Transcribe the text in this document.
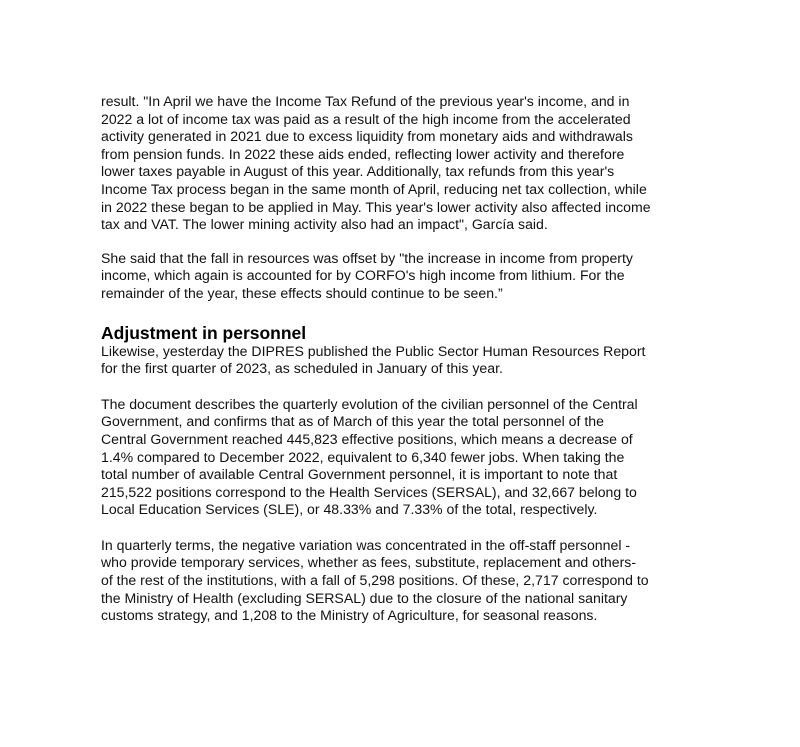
result. "In April we have the Income Tax Refund of the previous year's income, and in
2022 a lot of income tax was paid as a result of the high income from the accelerated
activity generated in 2021 due to excess liquidity from monetary aids and withdrawals
from pension funds. In 2022 these aids ended, reflecting lower activity and therefore
lower taxes payable in August of this year. Additionally, tax refunds from this year's
Income Tax process began in the same month of April, reducing net tax collection, while
in 2022 these began to be applied in May. This year's lower activity also affected income
tax and VAT. The lower mining activity also had an impact", García said.

She said that the fall in resources was offset by "the increase in income from property
income, which again is accounted for by CORFO's high income from lithium. For the
remainder of the year, these effects should continue to be seen.”

Adjustment in personnel

Likewise, yesterday the DIPRES published the Public Sector Human Resources Report
for the first quarter of 2023, as scheduled in January of this year.

The document describes the quarterly evolution of the civilian personnel of the Central
Government, and confirms that as of March of this year the total personnel of the
Central Government reached 445,823 effective positions, which means a decrease of
1.4% compared to December 2022, equivalent to 6,340 fewer jobs. When taking the
total number of available Central Government personnel, it is important to note that
215,522 positions correspond to the Health Services (SERSAL), and 32,667 belong to
Local Education Services (SLE), or 48.33% and 7.33% of the total, respectively.

In quarterly terms, the negative variation was concentrated in the off-staff personnel -
who provide temporary services, whether as fees, substitute, replacement and others-
of the rest of the institutions, with a fall of 5,298 positions. Of these, 2,717 correspond to
the Ministry of Health (excluding SERSAL) due to the closure of the national sanitary
customs strategy, and 1,208 to the Ministry of Agriculture, for seasonal reasons.
